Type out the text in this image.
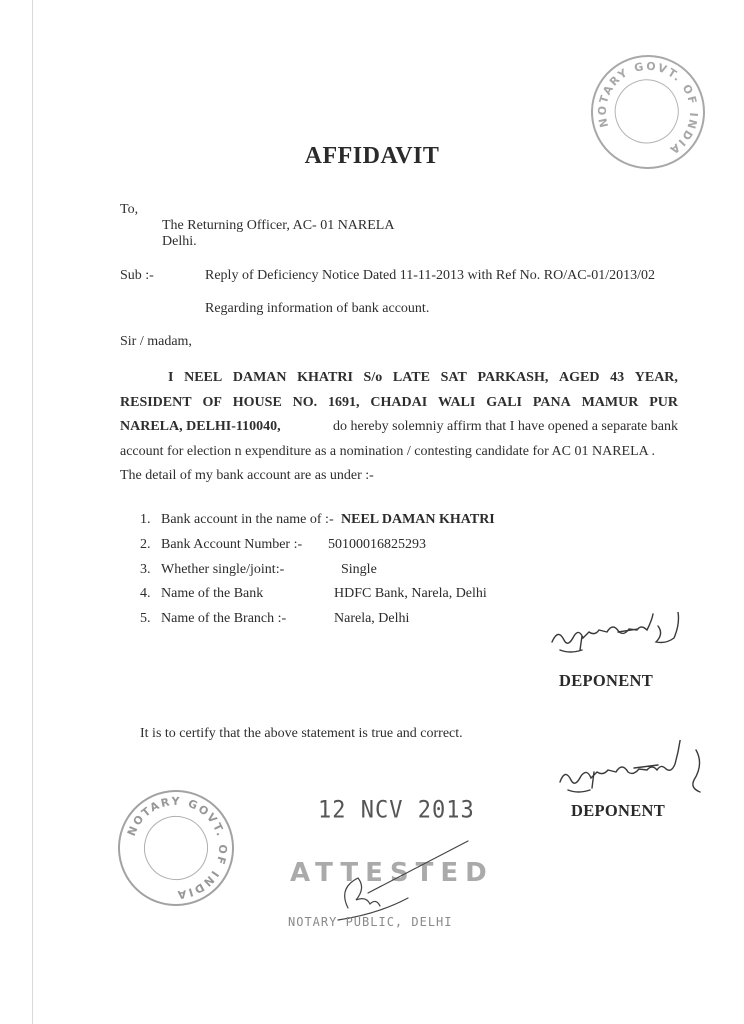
NOTARY GOVT. OF INDIA
AFFIDAVIT
To,
The Returning Officer, AC- 01 NARELA
Delhi.
Sub :-	Reply of Deficiency Notice Dated 11-11-2013 with Ref No. RO/AC-01/2013/02
Regarding information of bank account.
Sir / madam,
I NEEL DAMAN KHATRI S/o LATE SAT PARKASH, AGED 43 YEAR,
RESIDENT OF HOUSE NO. 1691, CHADAI WALI GALI PANA MAMUR PUR
NARELA, DELHI-110040,	do hereby solemniy affirm that I have opened a separate bank
account for election n expenditure as a nomination / contesting candidate for AC 01 NARELA .
The detail of my bank account are as under :-
1. Bank account in the name of :- NEEL DAMAN KHATRI
2. Bank Account Number :- 50100016825293
3. Whether single/joint:-	Single
4. Name of the Bank	HDFC Bank, Narela, Delhi
5. Name of the Branch :-	Narela, Delhi
DEPONENT
It is to certify that the above statement is true and correct.
DEPONENT
NOTARY GOVT. OF INDIA
12 NCV 2013
ATTESTED
NOTARY PUBLIC, DELHI
